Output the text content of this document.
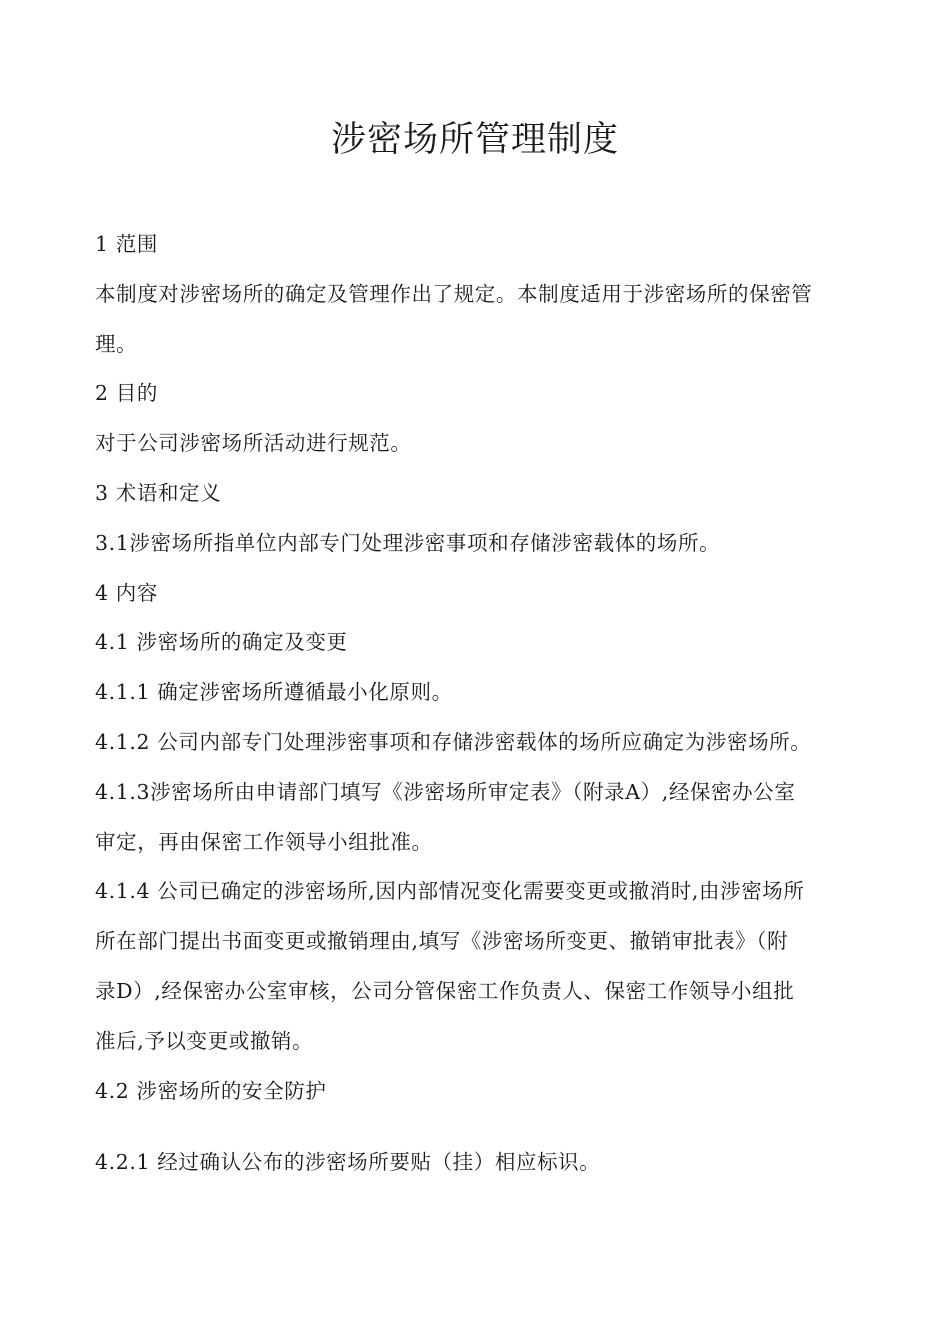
涉密场所管理制度
1 范围
本制度对涉密场所的确定及管理作出了规定。本制度适用于涉密场所的保密管
理。
2 目的
对于公司涉密场所活动进行规范。
3 术语和定义
3.1涉密场所指单位内部专门处理涉密事项和存储涉密载体的场所。
4 内容
4.1 涉密场所的确定及变更
4.1.1 确定涉密场所遵循最小化原则。
4.1.2 公司内部专门处理涉密事项和存储涉密载体的场所应确定为涉密场所。
4.1.3涉密场所由申请部门填写《涉密场所审定表》（附录A）,经保密办公室
审定，再由保密工作领导小组批准。
4.1.4 公司已确定的涉密场所,因内部情况变化需要变更或撤消时,由涉密场所
所在部门提出书面变更或撤销理由,填写《涉密场所变更、撤销审批表》（附
录D）,经保密办公室审核，公司分管保密工作负责人、保密工作领导小组批
准后,予以变更或撤销。
4.2 涉密场所的安全防护
4.2.1 经过确认公布的涉密场所要贴（挂）相应标识。
